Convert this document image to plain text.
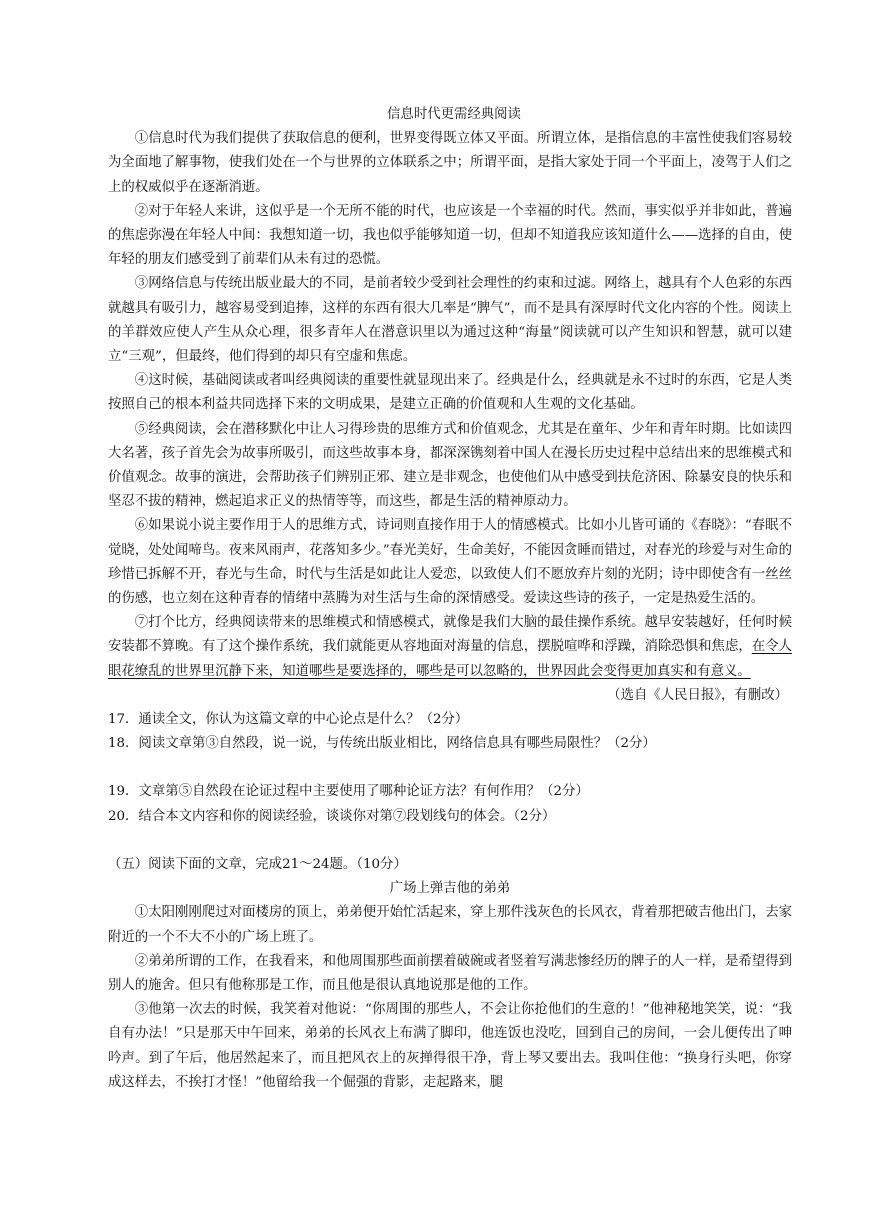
信息时代更需经典阅读

①信息时代为我们提供了获取信息的便利，世界变得既立体又平面。所谓立体，是指信息的丰富性使我们容易较为全面地了解事物，使我们处在一个与世界的立体联系之中；所谓平面，是指大家处于同一个平面上，凌驾于人们之上的权威似乎在逐渐消逝。

②对于年轻人来讲，这似乎是一个无所不能的时代，也应该是一个幸福的时代。然而，事实似乎并非如此，普遍的焦虑弥漫在年轻人中间：我想知道一切，我也似乎能够知道一切，但却不知道我应该知道什么——选择的自由，使年轻的朋友们感受到了前辈们从未有过的恐慌。

③网络信息与传统出版业最大的不同，是前者较少受到社会理性的约束和过滤。网络上，越具有个人色彩的东西就越具有吸引力，越容易受到追捧，这样的东西有很大几率是“脾气”，而不是具有深厚时代文化内容的个性。阅读上的羊群效应使人产生从众心理，很多青年人在潜意识里以为通过这种“海量”阅读就可以产生知识和智慧，就可以建立“三观”，但最终，他们得到的却只有空虚和焦虑。

④这时候，基础阅读或者叫经典阅读的重要性就显现出来了。经典是什么，经典就是永不过时的东西，它是人类按照自己的根本利益共同选择下来的文明成果，是建立正确的价值观和人生观的文化基础。

⑤经典阅读，会在潜移默化中让人习得珍贵的思维方式和价值观念，尤其是在童年、少年和青年时期。比如读四大名著，孩子首先会为故事所吸引，而这些故事本身，都深深镌刻着中国人在漫长历史过程中总结出来的思维模式和价值观念。故事的演进，会帮助孩子们辨别正邪、建立是非观念，也使他们从中感受到扶危济困、除暴安良的快乐和坚忍不拔的精神，燃起追求正义的热情等等，而这些，都是生活的精神原动力。

⑥如果说小说主要作用于人的思维方式，诗词则直接作用于人的情感模式。比如小儿皆可诵的《春晓》：“春眠不觉晓，处处闻啼鸟。夜来风雨声，花落知多少。”春光美好，生命美好，不能因贪睡而错过，对春光的珍爱与对生命的珍惜已拆解不开，春光与生命，时代与生活是如此让人爱恋，以致使人们不愿放弃片刻的光阴；诗中即使含有一丝丝的伤感，也立刻在这种青春的情绪中蒸腾为对生活与生命的深情感受。爱读这些诗的孩子，一定是热爱生活的。

⑦打个比方，经典阅读带来的思维模式和情感模式，就像是我们大脑的最佳操作系统。越早安装越好，任何时候安装都不算晚。有了这个操作系统，我们就能更从容地面对海量的信息，摆脱喧哗和浮躁，消除恐惧和焦虑，在令人眼花缭乱的世界里沉静下来，知道哪些是要选择的，哪些是可以忽略的，世界因此会变得更加真实和有意义。

（选自《人民日报》，有删改）

17．通读全文，你认为这篇文章的中心论点是什么？（2分）

18．阅读文章第③自然段，说一说，与传统出版业相比，网络信息具有哪些局限性？（2分）

19．文章第⑤自然段在论证过程中主要使用了哪种论证方法？有何作用？（2分）

20．结合本文内容和你的阅读经验，谈谈你对第⑦段划线句的体会。（2分）

（五）阅读下面的文章，完成21～24题。（10分）

广场上弹吉他的弟弟

①太阳刚刚爬过对面楼房的顶上，弟弟便开始忙活起来，穿上那件浅灰色的长风衣，背着那把破吉他出门，去家附近的一个不大不小的广场上班了。

②弟弟所谓的工作，在我看来，和他周围那些面前摆着破碗或者竖着写满悲惨经历的牌子的人一样，是希望得到别人的施舍。但只有他称那是工作，而且他是很认真地说那是他的工作。

③他第一次去的时候，我笑着对他说：“你周围的那些人，不会让你抢他们的生意的！”他神秘地笑笑，说：“我自有办法！”只是那天中午回来，弟弟的长风衣上布满了脚印，他连饭也没吃，回到自己的房间，一会儿便传出了呻吟声。到了午后，他居然起来了，而且把风衣上的灰掸得很干净，背上琴又要出去。我叫住他：“换身行头吧，你穿成这样去，不挨打才怪！”他留给我一个倔强的背影，走起路来，腿
